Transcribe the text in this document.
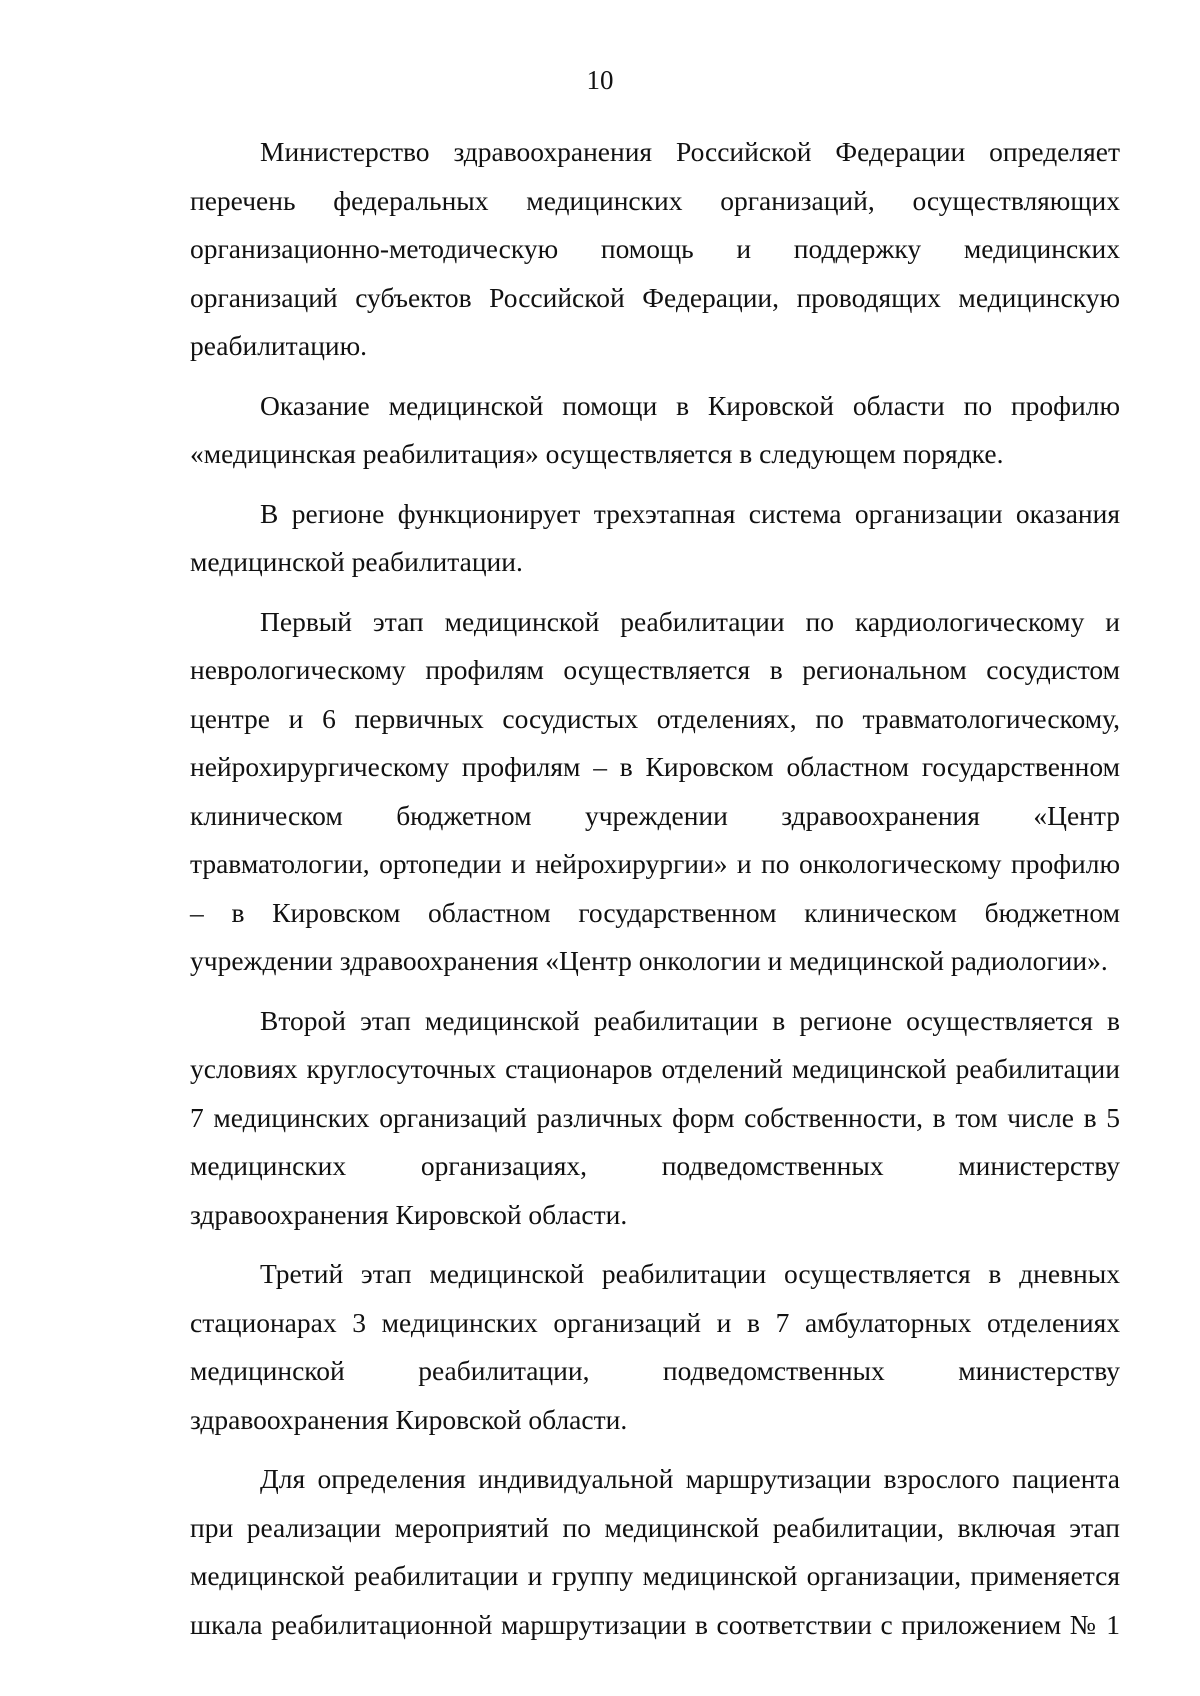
10

Министерство здравоохранения Российской Федерации определяет перечень федеральных медицинских организаций, осуществляющих организационно-методическую помощь и поддержку медицинских организаций субъектов Российской Федерации, проводящих медицинскую реабилитацию.

Оказание медицинской помощи в Кировской области по профилю «медицинская реабилитация» осуществляется в следующем порядке.

В регионе функционирует трехэтапная система организации оказания медицинской реабилитации.

Первый этап медицинской реабилитации по кардиологическому и неврологическому профилям осуществляется в региональном сосудистом центре и 6 первичных сосудистых отделениях, по травматологическому, нейрохирургическому профилям – в Кировском областном государственном клиническом бюджетном учреждении здравоохранения «Центр травматологии, ортопедии и нейрохирургии» и по онкологическому профилю – в Кировском областном государственном клиническом бюджетном учреждении здравоохранения «Центр онкологии и медицинской радиологии».

Второй этап медицинской реабилитации в регионе осуществляется в условиях круглосуточных стационаров отделений медицинской реабилитации 7 медицинских организаций различных форм собственности, в том числе в 5 медицинских организациях, подведомственных министерству здравоохранения Кировской области.

Третий этап медицинской реабилитации осуществляется в дневных стационарах 3 медицинских организаций и в 7 амбулаторных отделениях медицинской реабилитации, подведомственных министерству здравоохранения Кировской области.

Для определения индивидуальной маршрутизации взрослого пациента при реализации мероприятий по медицинской реабилитации, включая этап медицинской реабилитации и группу медицинской организации, применяется шкала реабилитационной маршрутизации в соответствии с приложением № 1
